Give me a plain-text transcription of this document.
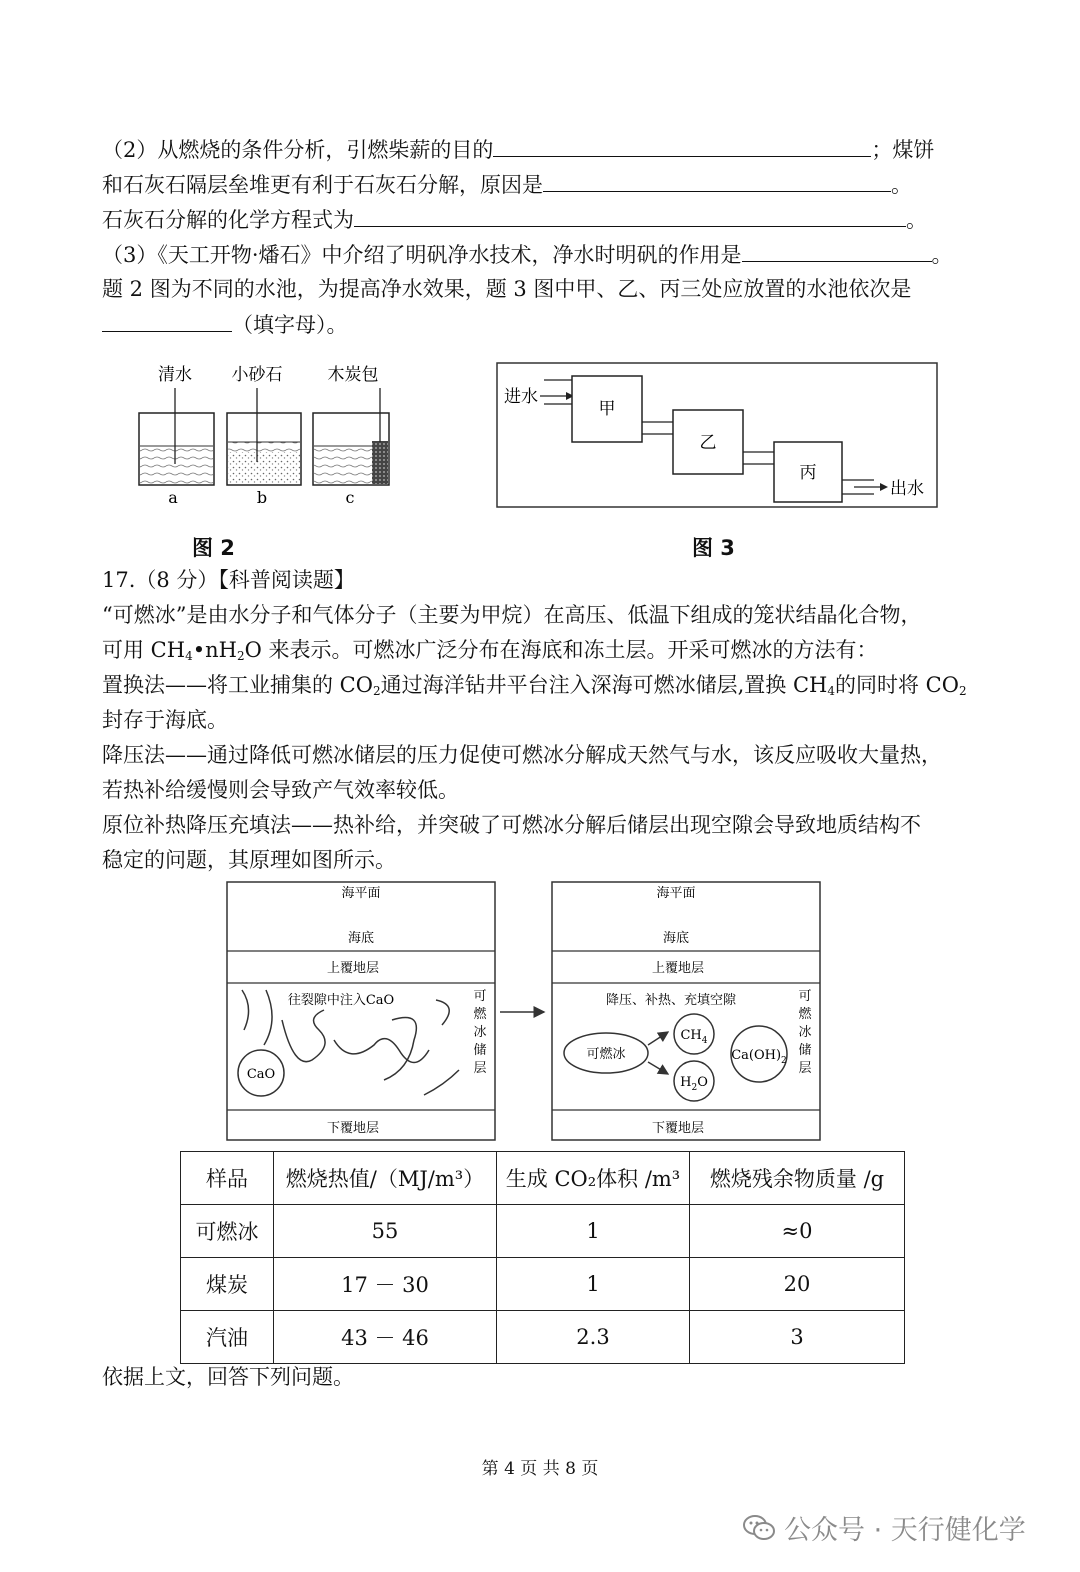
（2）从燃烧的条件分析，引燃柴薪的目的	；煤饼
和石灰石隔层垒堆更有利于石灰石分解，原因是	。
石灰石分解的化学方程式为	。
（3）《天工开物·燔石》中介绍了明矾净水技术，净水时明矾的作用是	。
题 2 图为不同的水池，为提高净水效果，题 3 图中甲、乙、丙三处应放置的水池依次是
（填字母）。
清水 小砂石	木炭包
a	b	c
图 2
进水
甲
乙
丙
出水
图 3
17.（8 分）【科普阅读题】
“可燃冰”是由水分子和气体分子（主要为甲烷）在高压、低温下组成的笼状结晶化合物，
可用 $CH_4•nH_2O$ 来表示。可燃冰广泛分布在海底和冻土层。开采可燃冰的方法有：
置换法——将工业捕集的 $CO_2$通过海洋钻井平台注入深海可燃冰储层,置换 $CH_4$的同时将 $CO_2$
封存于海底。
降压法——通过降低可燃冰储层的压力促使可燃冰分解成天然气与水，该反应吸收大量热，
若热补给缓慢则会导致产气效率较低。
原位补热降压充填法——热补给，并突破了可燃冰分解后储层出现空隙会导致地质结构不
稳定的问题，其原理如图所示。
海平面
海底
上覆地层
往裂隙中注入CaO
下覆地层
CaO
可燃冰储层
海平面
海底
上覆地层
降压、补热、充填空隙
下覆地层
可燃冰
$CH_4$
$H_2O$
$Ca(OH)_2$
可燃冰储层
样品	燃烧热值/（MJ/m³）	生成 CO₂体积 /m³	燃烧残余物质量 /g
可燃冰	55	1	≈0
煤炭	17 － 30	1	20
汽油	43 － 46	2.3	3
依据上文，回答下列问题。
第 4 页 共 8 页
公众号 · 天行健化学
